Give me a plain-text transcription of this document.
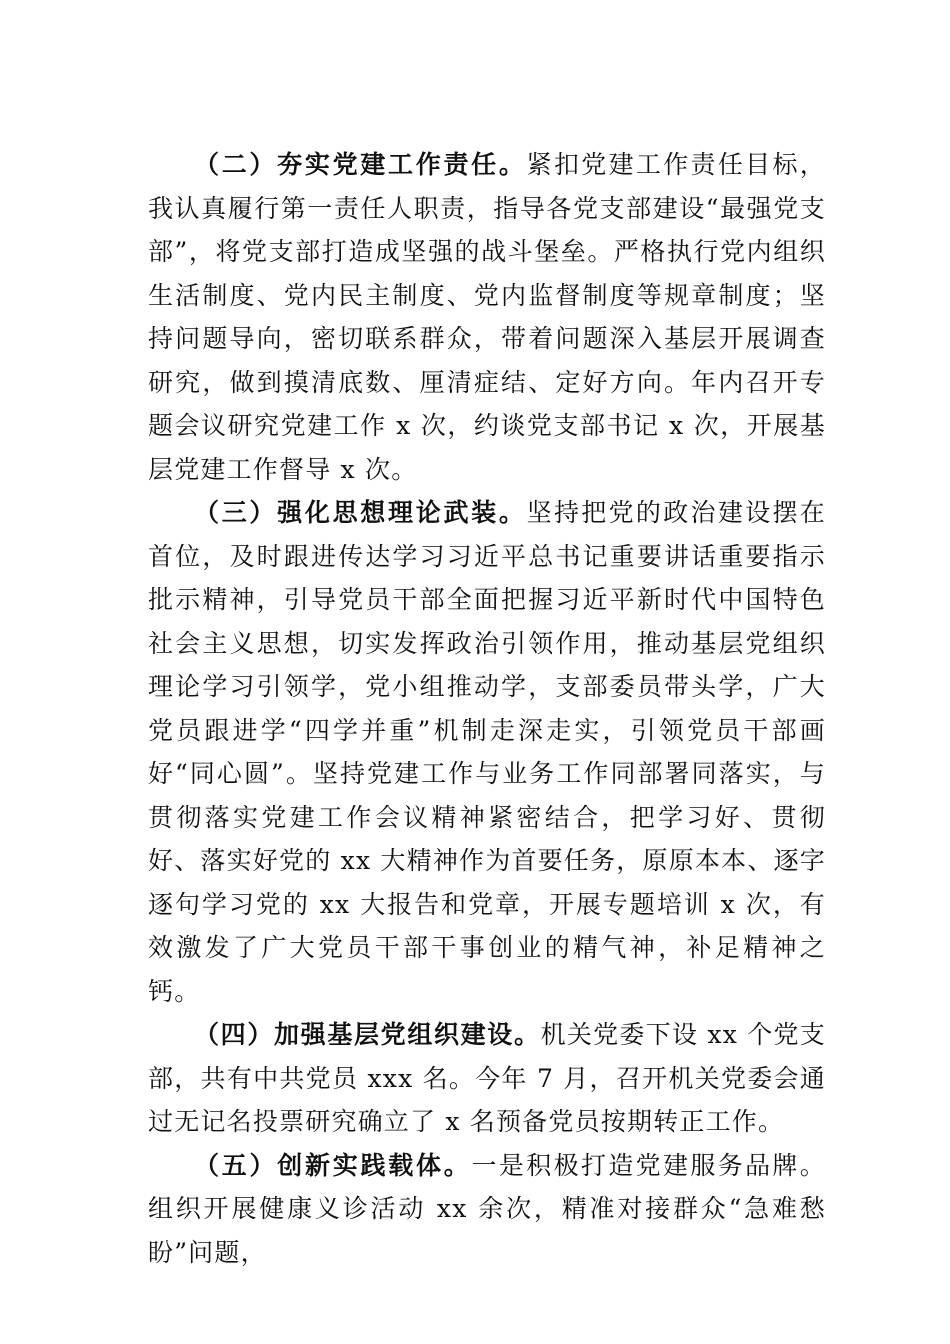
（二）夯实党建工作责任。紧扣党建工作责任目标，我认真履行第一责任人职责，指导各党支部建设“最强党支部”，将党支部打造成坚强的战斗堡垒。严格执行党内组织生活制度、党内民主制度、党内监督制度等规章制度；坚持问题导向，密切联系群众，带着问题深入基层开展调查研究，做到摸清底数、厘清症结、定好方向。年内召开专题会议研究党建工作 x 次，约谈党支部书记 x 次，开展基层党建工作督导 x 次。

（三）强化思想理论武装。坚持把党的政治建设摆在首位，及时跟进传达学习习近平总书记重要讲话重要指示批示精神，引导党员干部全面把握习近平新时代中国特色社会主义思想，切实发挥政治引领作用，推动基层党组织理论学习引领学，党小组推动学，支部委员带头学，广大党员跟进学“四学并重”机制走深走实，引领党员干部画好“同心圆”。坚持党建工作与业务工作同部署同落实，与贯彻落实党建工作会议精神紧密结合，把学习好、贯彻好、落实好党的 xx 大精神作为首要任务，原原本本、逐字逐句学习党的 xx 大报告和党章，开展专题培训 x 次，有效激发了广大党员干部干事创业的精气神，补足精神之钙。

（四）加强基层党组织建设。机关党委下设 xx 个党支部，共有中共党员 xxx 名。今年 7 月，召开机关党委会通过无记名投票研究确立了 x 名预备党员按期转正工作。

（五）创新实践载体。一是积极打造党建服务品牌。组织开展健康义诊活动 xx 余次，精准对接群众“急难愁盼”问题，
